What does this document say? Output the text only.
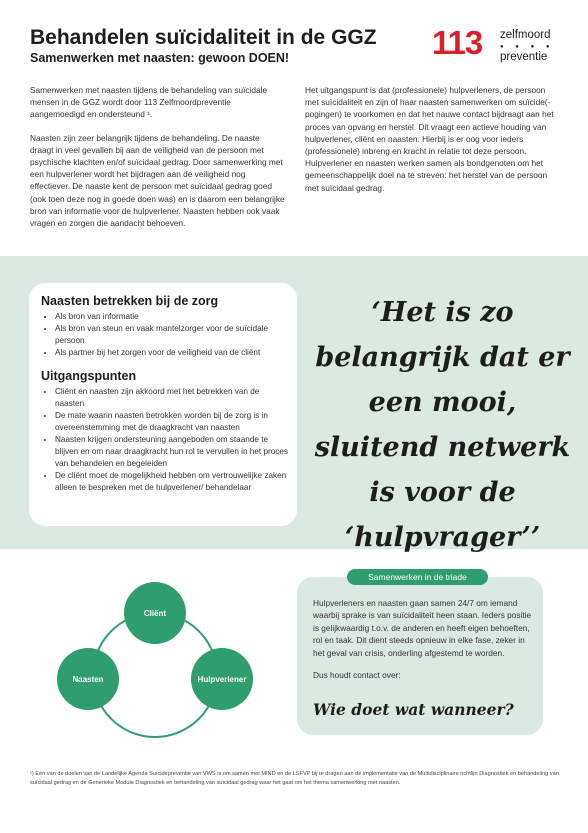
Behandelen suïcidaliteit in de GGZ
Samenwerken met naasten: gewoon DOEN!	113 zelfmoord
● ● ● ●
preventie

Samenwerken met naasten tijdens de behandeling van suïcidale mensen in de GGZ wordt door 113 Zelfmoordpreventie aangemoedigd en ondersteund ¹.

Naasten zijn zeer belangrijk tijdens de behandeling. De naaste draagt in veel gevallen bij aan de veiligheid van de persoon met psychische klachten en/of suïcidaal gedrag. Door samenwerking met een hulpverlener wordt het bijdragen aan de veiligheid nog effectiever. De naaste kent de persoon met suïcidaal gedrag goed (ook toen deze nog in goede doen was) en is daarom een belangrijke bron van informatie voor de hulpverlener. Naasten hebben ook vaak vragen en zorgen die aandacht behoeven.

Het uitgangspunt is dat (professionele) hulpverleners, de persoon met suïcidaliteit en zijn of haar naasten samenwerken om suïcide(-pogingen) te voorkomen en dat het nauwe contact bijdraagt aan het proces van opvang en herstel. Dit vraagt een actieve houding van hulpverlener, cliënt en naasten. Hierbij is er oog voor ieders (professionele) inbreng en kracht in relatie tot deze persoon. Hulpverlener en naasten werken samen als bondgenoten om het gemeenschappelijk doel na te streven: het herstel van de persoon met suïcidaal gedrag.

Naasten betrekken bij de zorg
• Als bron van informatie
• Als bron van steun en vaak mantelzorger voor de suïcidale persoon
• Als partner bij het zorgen voor de veiligheid van de cliënt
Uitgangspunten
• Cliënt en naasten zijn akkoord met het betrekken van de naasten
• De mate waarin naasten betrokken worden bij de zorg is in overeenstemming met de draagkracht van naasten
• Naasten krijgen ondersteuning aangeboden om staande te blijven en om naar draagkracht hun rol te vervullen in het proces van behandelen en begeleiden
• De cliënt moet de mogelijkheid hebben om vertrouwelijke zaken alleen te bespreken met de hulpverlener/ behandelaar
‘Het is zo belangrijk dat er een mooi, sluitend netwerk is voor de ‘hulpvrager’’
Cliënt
Naasten	Hulpverlener
Samenwerken in de triade

Hulpverleners en naasten gaan samen 24/7 om iemand waarbij sprake is van suïcidaliteit heen staan. Ieders positie is gelijkwaardig t.o.v. de anderen en heeft eigen behoeften, rol en taak. Dit dient steeds opnieuw in elke fase, zeker in het geval van crisis, onderling afgestemd te worden.

Dus houdt contact over:

Wie doet wat wanneer?
¹) Eén van de doelen van de Landelijke Agenda Suïcidepreventie van VWS is om samen met MIND en de LSFVP bij te dragen aan de implementatie van de Multidisciplinaire richtlijn Diagnostiek en behandeling van suïcidaal gedrag en de Generieke Module Diagnostiek en behandeling van suïcidaal gedrag waar het gaat om het thema samenwerking met naasten.
